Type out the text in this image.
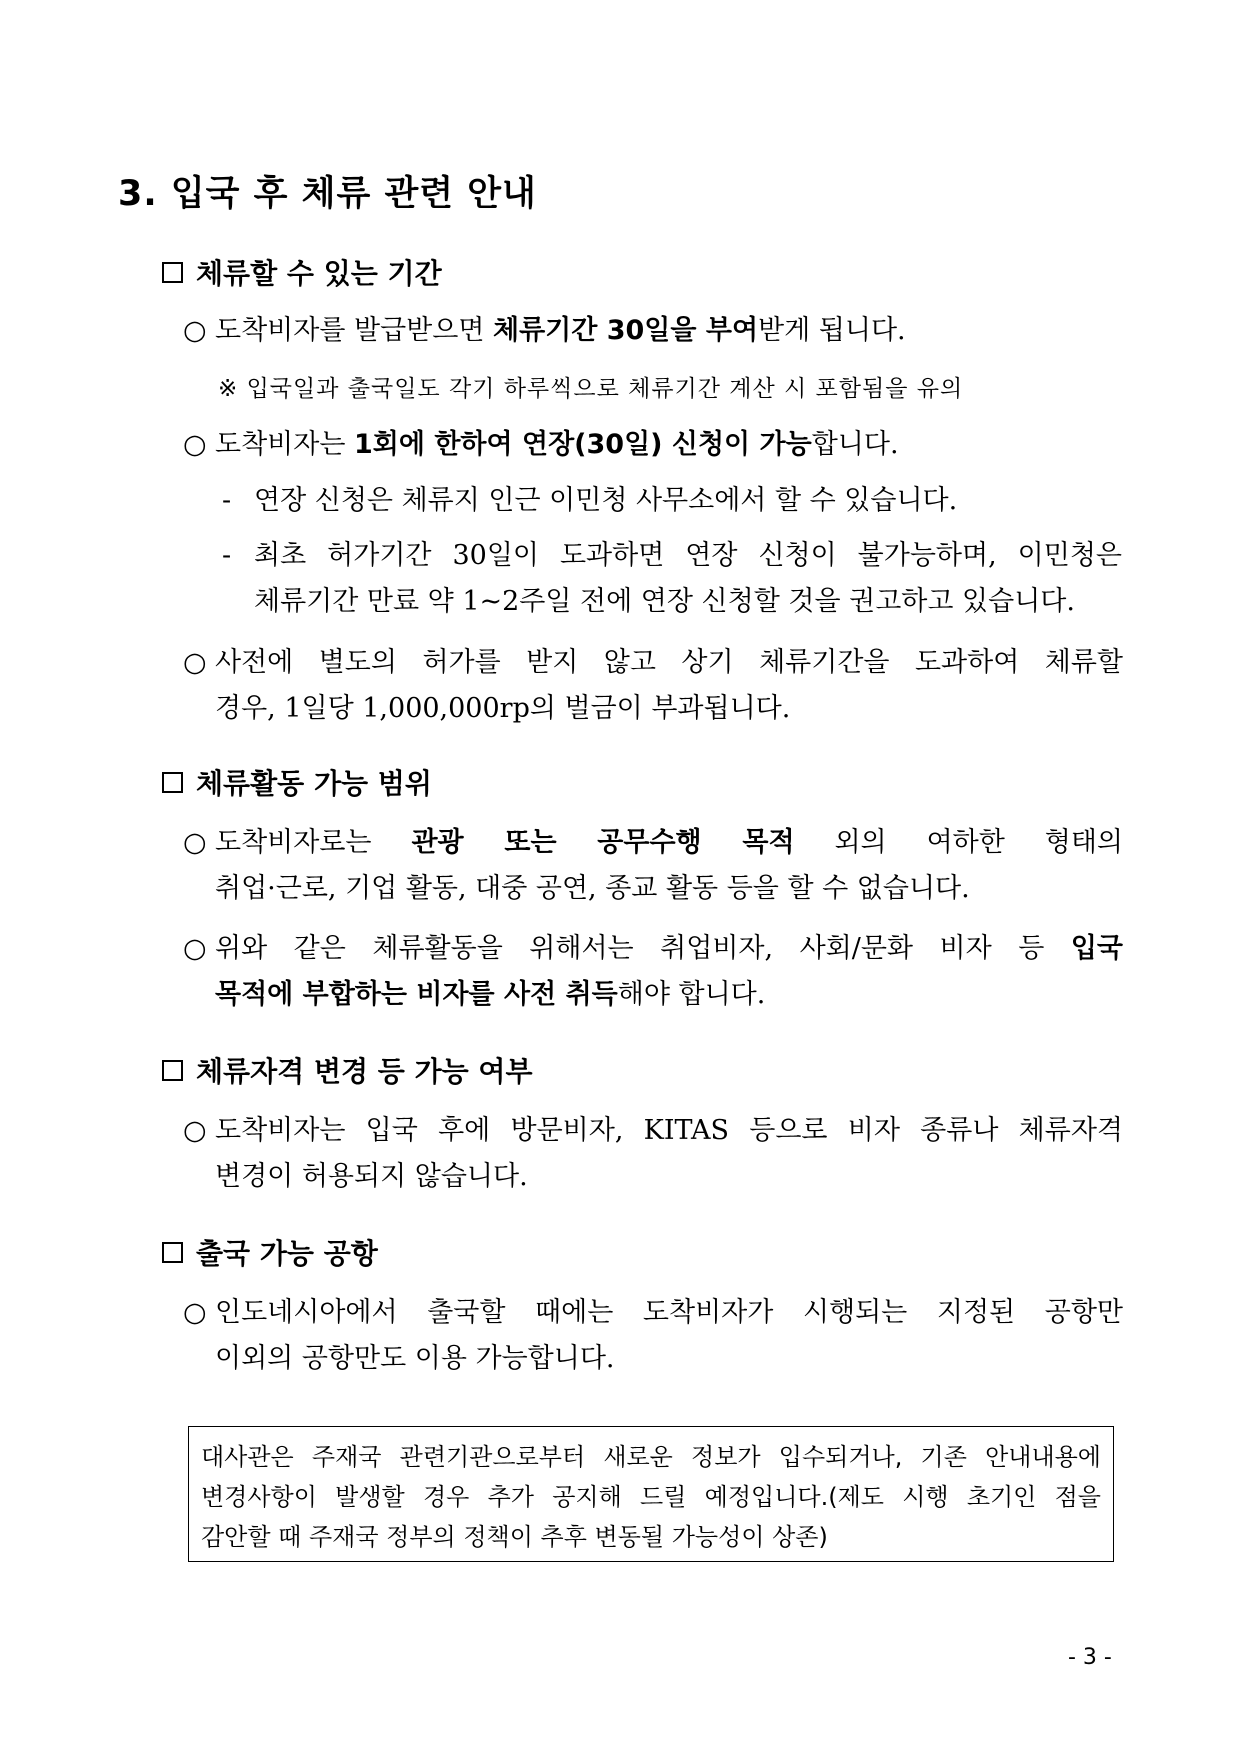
3. 입국 후 체류 관련 안내
체류할 수 있는 기간
○ 도착비자를 발급받으면 체류기간 30일을 부여받게 됩니다.
※ 입국일과 출국일도 각기 하루씩으로 체류기간 계산 시 포함됨을 유의
○ 도착비자는 1회에 한하여 연장(30일) 신청이 가능합니다.
- 연장 신청은 체류지 인근 이민청 사무소에서 할 수 있습니다.
- 최초 허가기간 30일이 도과하면 연장 신청이 불가능하며, 이민청은
체류기간 만료 약 1~2주일 전에 연장 신청할 것을 권고하고 있습니다.
○ 사전에 별도의 허가를 받지 않고 상기 체류기간을 도과하여 체류할
경우, 1일당 1,000,000rp의 벌금이 부과됩니다.
체류활동 가능 범위
○ 도착비자로는 관광 또는 공무수행 목적 외의 여하한 형태의
취업·근로, 기업 활동, 대중 공연, 종교 활동 등을 할 수 없습니다.
○ 위와 같은 체류활동을 위해서는 취업비자, 사회/문화 비자 등 입국
목적에 부합하는 비자를 사전 취득해야 합니다.
체류자격 변경 등 가능 여부
○ 도착비자는 입국 후에 방문비자, KITAS 등으로 비자 종류나 체류자격
변경이 허용되지 않습니다.
출국 가능 공항
○ 인도네시아에서 출국할 때에는 도착비자가 시행되는 지정된 공항만
이외의 공항만도 이용 가능합니다.
대사관은 주재국 관련기관으로부터 새로운 정보가 입수되거나, 기존 안내내용에
변경사항이 발생할 경우 추가 공지해 드릴 예정입니다.(제도 시행 초기인 점을
감안할 때 주재국 정부의 정책이 추후 변동될 가능성이 상존)
- 3 -
